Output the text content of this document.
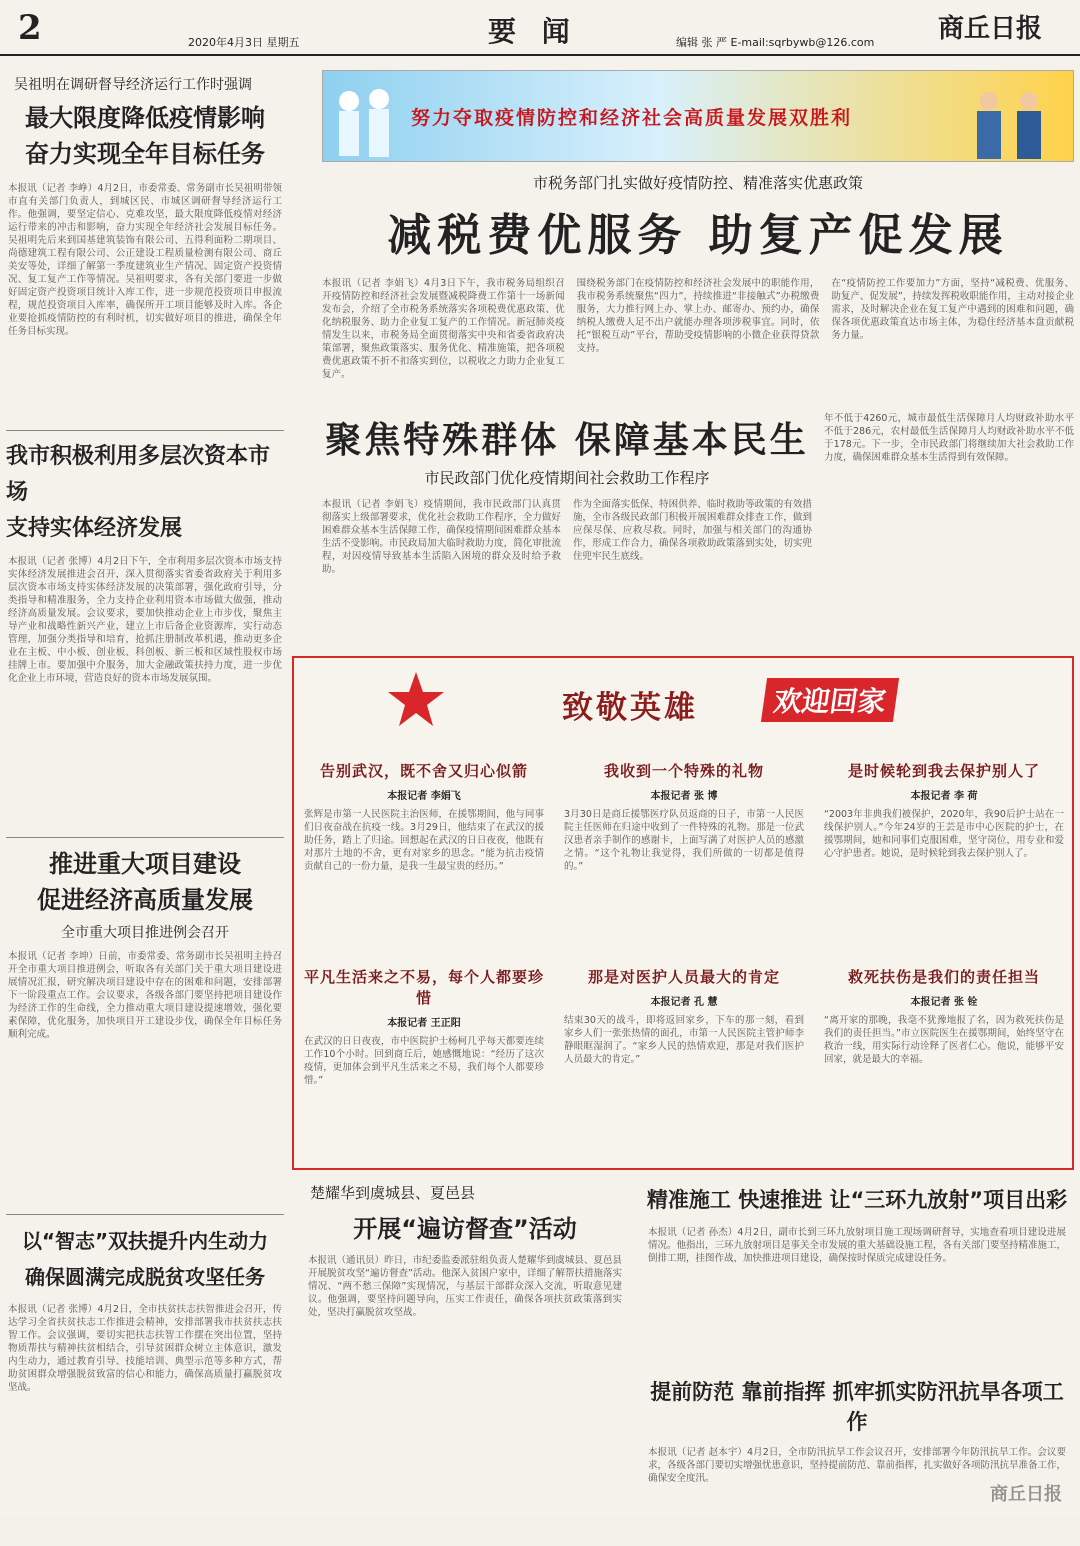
2	2020年4月3日 星期五	要 闻	编辑 张 严 E-mail:sqrbywb@126.com 商丘日报
吴祖明在调研督导经济运行工作时强调
最大限度降低疫情影响
奋力实现全年目标任务
本报讯（记者 李峥）4月2日，市委常委、常务副市长吴祖明带领市直有关部门负责人，到城区民、市城区调研督导经济运行工作。他强调，要坚定信心、克难攻坚，最大限度降低疫情对经济运行带来的冲击和影响，奋力实现全年经济社会发展目标任务。吴祖明先后来到国基建筑装饰有限公司、五得利面粉二期项目、尚德建筑工程有限公司、公正建设工程质量检测有限公司、商丘美安等处，详细了解第一季度建筑业生产情况、固定资产投资情况、复工复产工作等情况。吴祖明要求，各有关部门要进一步做好固定资产投资项目统计入库工作，进一步规范投资项目申报流程，规范投资项目入库率，确保所开工项目能够及时入库。各企业要抢抓疫情防控的有利时机，切实做好项目的推进，确保全年任务目标实现。
我市积极利用多层次资本市场
支持实体经济发展
本报讯（记者 张博）4月2日下午，全市利用多层次资本市场支持实体经济发展推进会召开，深入贯彻落实省委省政府关于利用多层次资本市场支持实体经济发展的决策部署，强化政府引导，分类指导和精准服务，全力支持企业利用资本市场做大做强，推动经济高质量发展。会议要求，要加快推动企业上市步伐，聚焦主导产业和战略性新兴产业，建立上市后备企业资源库，实行动态管理，加强分类指导和培育，抢抓注册制改革机遇，推动更多企业在主板、中小板、创业板、科创板、新三板和区域性股权市场挂牌上市。要加强中介服务，加大金融政策扶持力度，进一步优化企业上市环境，营造良好的资本市场发展氛围。
推进重大项目建设
促进经济高质量发展
全市重大项目推进例会召开
本报讯（记者 李坤）日前，市委常委、常务副市长吴祖明主持召开全市重大项目推进例会，听取各有关部门关于重大项目建设进展情况汇报，研究解决项目建设中存在的困难和问题，安排部署下一阶段重点工作。会议要求，各级各部门要坚持把项目建设作为经济工作的生命线，全力推动重大项目建设提速增效，强化要素保障，优化服务，加快项目开工建设步伐，确保全年目标任务顺利完成。
以“智志”双扶提升内生动力
确保圆满完成脱贫攻坚任务
本报讯（记者 张博）4月2日，全市扶贫扶志扶智推进会召开，传达学习全省扶贫扶志工作推进会精神，安排部署我市扶贫扶志扶智工作。会议强调，要切实把扶志扶智工作摆在突出位置，坚持物质帮扶与精神扶贫相结合，引导贫困群众树立主体意识，激发内生动力，通过教育引导、技能培训、典型示范等多种方式，帮助贫困群众增强脱贫致富的信心和能力，确保高质量打赢脱贫攻坚战。
努力夺取疫情防控和经济社会高质量发展双胜利
市税务部门扎实做好疫情防控、精准落实优惠政策
减税费优服务 助复产促发展
本报讯（记者 李娟飞）4月3日下午，我市税务局组织召开疫情防控和经济社会发展暨减税降费工作第十一场新闻发布会，介绍了全市税务系统落实各项税费优惠政策、优化纳税服务、助力企业复工复产的工作情况。新冠肺炎疫情发生以来，市税务局全面贯彻落实中央和省委省政府决策部署，聚焦政策落实、服务优化、精准施策，把各项税费优惠政策不折不扣落实到位，以税收之力助力企业复工复产。
围绕税务部门在疫情防控和经济社会发展中的职能作用，我市税务系统聚焦“四力”，持续推进“非接触式”办税缴费服务，大力推行网上办、掌上办、邮寄办、预约办，确保纳税人缴费人足不出户就能办理各项涉税事宜。同时，依托“银税互动”平台，帮助受疫情影响的小微企业获得贷款支持。
在“疫情防控工作要加力”方面，坚持“减税费、优服务、助复产、促发展”，持续发挥税收职能作用，主动对接企业需求，及时解决企业在复工复产中遇到的困难和问题，确保各项优惠政策直达市场主体，为稳住经济基本盘贡献税务力量。
聚焦特殊群体 保障基本民生
市民政部门优化疫情期间社会救助工作程序
本报讯（记者 李娟飞）疫情期间，我市民政部门认真贯彻落实上级部署要求，优化社会救助工作程序，全力做好困难群众基本生活保障工作，确保疫情期间困难群众基本生活不受影响。市民政局加大临时救助力度，简化审批流程，对因疫情导致基本生活陷入困境的群众及时给予救助。
作为全面落实低保、特困供养、临时救助等政策的有效措施，全市各级民政部门积极开展困难群众排查工作，做到应保尽保、应救尽救。同时，加强与相关部门的沟通协作，形成工作合力，确保各项救助政策落到实处，切实兜住兜牢民生底线。
年不低于4260元，城市最低生活保障月人均财政补助水平不低于286元，农村最低生活保障月人均财政补助水平不低于178元。下一步，全市民政部门将继续加大社会救助工作力度，确保困难群众基本生活得到有效保障。
致敬英雄	欢迎回家
告别武汉，既不舍又归心似箭
本报记者 李娟飞
张辉是市第一人民医院主治医师，在援鄂期间，他与同事们日夜奋战在抗疫一线。3月29日，他结束了在武汉的援助任务，踏上了归途。回想起在武汉的日日夜夜，他既有对那片土地的不舍，更有对家乡的思念。“能为抗击疫情贡献自己的一份力量，是我一生最宝贵的经历。”
我收到一个特殊的礼物
本报记者 张 博
3月30日是商丘援鄂医疗队员返商的日子，市第一人民医院主任医师在归途中收到了一件特殊的礼物。那是一位武汉患者亲手制作的感谢卡，上面写满了对医护人员的感激之情。“这个礼物让我觉得，我们所做的一切都是值得的。”
是时候轮到我去保护别人了
本报记者 李 荷
“2003年非典我们被保护，2020年，我90后护士站在一线保护别人。”今年24岁的王芸是市中心医院的护士，在援鄂期间，她和同事们克服困难，坚守岗位，用专业和爱心守护患者。她说，是时候轮到我去保护别人了。
平凡生活来之不易，每个人都要珍惜
本报记者 王正阳
在武汉的日日夜夜，市中医院护士杨柯几乎每天都要连续工作10个小时。回到商丘后，她感慨地说：“经历了这次疫情，更加体会到平凡生活来之不易，我们每个人都要珍惜。”
那是对医护人员最大的肯定
本报记者 孔 慧
结束30天的战斗，即将返回家乡，下车的那一刻，看到家乡人们一张张热情的面孔，市第一人民医院主管护师李静眼眶湿润了。“家乡人民的热情欢迎，那是对我们医护人员最大的肯定。”
救死扶伤是我们的责任担当
本报记者 张 铨
“离开家的那晚，我毫不犹豫地报了名，因为救死扶伤是我们的责任担当。”市立医院医生在援鄂期间，始终坚守在救治一线，用实际行动诠释了医者仁心。他说，能够平安回家，就是最大的幸福。
楚耀华到虞城县、夏邑县
开展“遍访督查”活动
本报讯（通讯员）昨日，市纪委监委派驻组负责人楚耀华到虞城县、夏邑县开展脱贫攻坚“遍访督查”活动。他深入贫困户家中，详细了解帮扶措施落实情况、“两不愁三保障”实现情况，与基层干部群众深入交流，听取意见建议。他强调，要坚持问题导向，压实工作责任，确保各项扶贫政策落到实处，坚决打赢脱贫攻坚战。
精准施工 快速推进 让“三环九放射”项目出彩
本报讯（记者 孙杰）4月2日，副市长到三环九放射项目施工现场调研督导，实地查看项目建设进展情况。他指出，三环九放射项目是事关全市发展的重大基础设施工程，各有关部门要坚持精准施工，倒排工期，挂图作战，加快推进项目建设，确保按时保质完成建设任务。
提前防范 靠前指挥 抓牢抓实防汛抗旱各项工作
本报讯（记者 赵本宇）4月2日，全市防汛抗旱工作会议召开，安排部署今年防汛抗旱工作。会议要求，各级各部门要切实增强忧患意识，坚持提前防范、靠前指挥，扎实做好各项防汛抗旱准备工作，确保安全度汛。
商丘日报
